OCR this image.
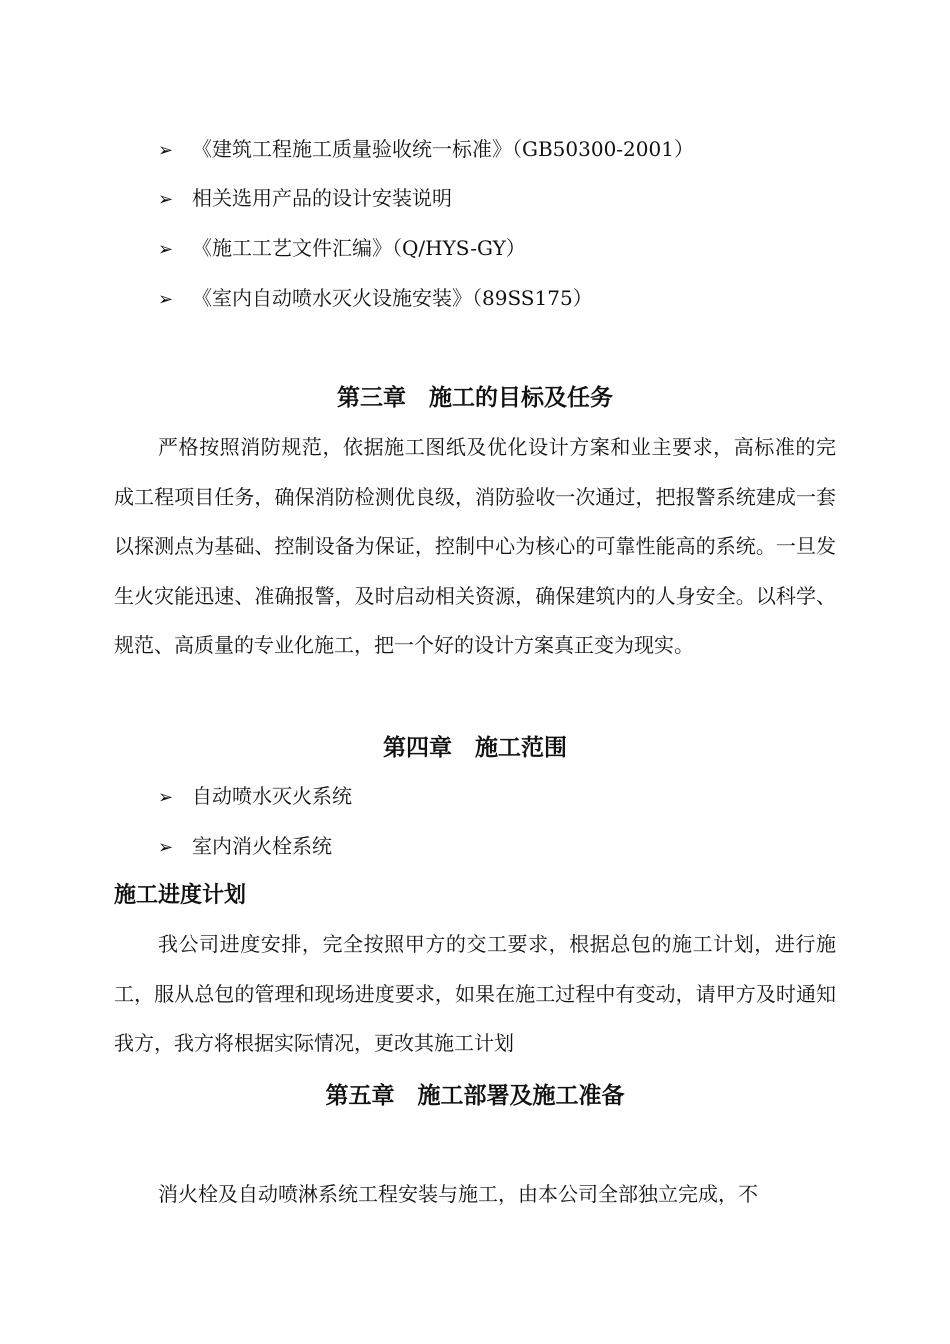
➢ 《建筑工程施工质量验收统一标准》（GB50300-2001）
➢ 相关选用产品的设计安装说明
➢ 《施工工艺文件汇编》（Q/HYS-GY）
➢ 《室内自动喷水灭火设施安装》（89SS175）
第三章　施工的目标及任务

严格按照消防规范，依据施工图纸及优化设计方案和业主要求，高标准的完成工程项目任务，确保消防检测优良级，消防验收一次通过，把报警系统建成一套以探测点为基础、控制设备为保证，控制中心为核心的可靠性能高的系统。一旦发生火灾能迅速、准确报警，及时启动相关资源，确保建筑内的人身安全。以科学、规范、高质量的专业化施工，把一个好的设计方案真正变为现实。

第四章　施工范围
➢ 自动喷水灭火系统
➢ 室内消火栓系统
施工进度计划

我公司进度安排，完全按照甲方的交工要求，根据总包的施工计划，进行施工，服从总包的管理和现场进度要求，如果在施工过程中有变动，请甲方及时通知我方，我方将根据实际情况，更改其施工计划

第五章　施工部署及施工准备

消火栓及自动喷淋系统工程安装与施工，由本公司全部独立完成，不
